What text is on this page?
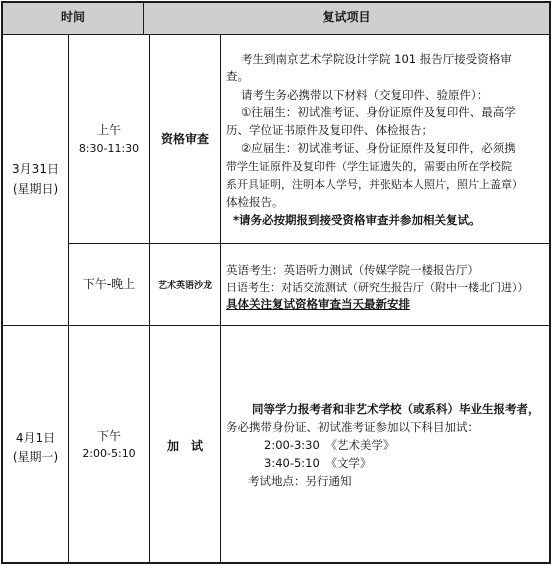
时间	复试项目
3月31日
(星期日)
上午
8:30-11:30
资格审查
考生到南京艺术学院设计学院 101 报告厅接受资格审
查。
请考生务必携带以下材料（交复印件、验原件）：
①往届生：初试准考证、身份证原件及复印件、最高学
历、学位证书原件及复印件、体检报告；
②应届生：初试准考证、身份证原件及复印件，必须携
带学生证原件及复印件（学生证遗失的，需要由所在学校院
系开具证明，注明本人学号，并张贴本人照片，照片上盖章）
体检报告。
*请务必按期报到接受资格审查并参加相关复试。
下午-晚上	艺术英语沙龙
英语考生：英语听力测试（传媒学院一楼报告厅）
日语考生：对话交流测试（研究生报告厅（附中一楼北门进））
具体关注复试资格审查当天最新安排
4月1日
(星期一)
下午
2:00-5:10
加　试
同等学力报考者和非艺术学校（或系科）毕业生报考者，
务必携带身份证、初试准考证参加以下科目加试：
2:00-3:30　《艺术美学》
3:40-5:10　《文学》
考试地点：另行通知
